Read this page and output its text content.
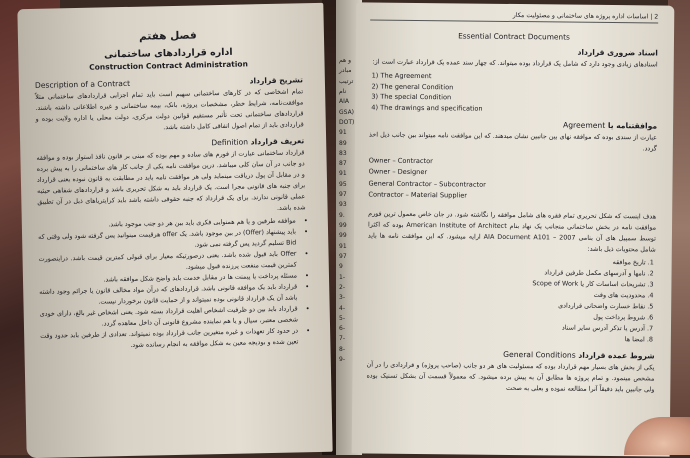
فصل هفتم
اداره قراردادهای ساختمانی
Construction Contract Administration
تشریح قرارداد
Description of a Contract

تمام اشخاصی که در کارهای ساختمانی سهیم است باید تمام اجزایی قراردادهای ساختمانی مثلاً موافقت‌نامه، شرایط خطر، مشخصات پروژه، بانک، بیمه ساختمانی و غیره اطلاعاتی داشته باشند. قراردادهای ساختمانی تحت تأثیر مستقیم قوانین دولت مرکزی، دولت محلی یا اداره ولایت بوده و قراردادی باید از تمام اصول اتفاقی کامل داشته باشد.

تعریف قرارداد Definition

قرارداد ساختمانی عبارت از فورم های ساده و مهم بوده که مبنی بر قانون نافذ استوار بوده و موافقه دو جانب در آن سان کلی میباشد. درین موافقت نامه یکی از جانب کار های ساختمانی را به پیش برده و در مقابل آن پول دریافت مینماید ولی هر موافقت نامه باید در مطابقت به قانون نبوده یعنی قرارداد برای جنبه های قانونی مجرا است. یک قرارداد باید به شکل تحریری باشد و قراردادهای شفاهی حیثیه عملی قانونی ندارند. برای یک قرارداد که جنبه حقوقی داشته باشد باید کرایتریاهای ذیل در آن تطبیق شده باشد.

• موافقه طرفین و یا هم همنوایی فکری باید بین هر دو جنب موجود باشد.
• باید پیشنهاد (Offer) در بین موجود باشد. یک offer هرقیمت مینوانید پس گرفته شود ولی وقتی که Bid تسلیم گردید پس گرفته نمی شود.
• Offer باید قبول شده باشد. یعنی درصورتیکه معیار برای قبولی کمترین قیمت باشد. دراینصورت کمترین قیمت منفعت پرزنده قبول میشود.
• مسئله پرداخت یا پیمنت ها در مقابل خدمت باید واضح شکل موافقه باشد.
• قرارداد باید یک موافقه قانونی باشد. قراردادهای که درآن مواد مخالف قانون یا جرائم وجود داشته باشد آن یک قرارداد قانونی بوده نمیتواند و از حمایت قانون برخوردار نیست.
• قرارداد باید بین دو ظرفیت اشخاص اهلیت قرارداد بسته شود. یعنی اشخاص غیر بالغ، دارای خودی شخصی معتبر، سیال و یا هم نماینده مشروع قانونی آن داخل معاهده گردد.
• در حدود کار تعهدات و غیره متغیرین جانب قرارداد بوده نمیتواند. تعدادی از طرفین باید حدود وقت تعین شده و بودیجه معین به شکل موافقه به انجام رسانده شود.
و هم
مبادر
ترتیب
نام
AIA
GSA)
DOT)
91
89
83
87
91
95
97
93
9.
99
99
91
97
9
1-
2-
3-
4-
5-
6-
7-
8-
9-
2 | اساسات اداره پروژه های ساختمانی و مصئولیت مکار
Essential Contract Documents
اسناد ضروری قرارداد

اسنادهای زیادی وجود دارد که شامل یک قرارداد بوده میتواند. که چهار سند عمده یک قرارداد عبارت است از:

1) The Agreement
2) The general Condition
3) The special Condition
4) The drawings and specification
موافقتنامه یا Agreement

عبارت از سندی بوده که موافقه نهای بین جانبین نشان میدهند. که این موافقت نامه میتواند بین جانب ذیل اخذ گردد.

Owner – Contractor
Owner – Designer
General Contractor – Subcontractor
Contractor – Material Supplier

هدف اینست که شکل تحریری تمام فقره های شامل موافقه را نگاشته شود. در جان خاص معمول ترین فورم موافقت نامه در بخش ساختمانی منجانب یک نهاد بنام American Institute of Architect بوده که اکثرا توسط سمپیل های آن بنامی AIA Document A101 – 2007 ارایه میشود. که این موافقت نامه ها باید شامل محتویات ذیل باشد:

1. تاریخ موافقه
2. نامها و آدرسهای مکمل طرفین قرارداد
3. تشریحات اساسات کار یا Scope of Work
4. محدودیت های وقت
5. نقاط خسارت واضحانی قراردادی
6. شروط پرداخت پول
7. آدرس یا تذکر آدرس سایر اسناد
8. امضا ها
شروط عمده قرارداد General Conditions

یکی از بخش های بسیار مهم قرارداد بوده که مسئولیت های هر دو جانب (صاحب پروژه) و قراردادی را در آن مشخص مینمود. و تمام پروژه ها مطابق آن به پیش برده میشود. که معمولاً قسمت آن بشکل تسنیک بوده ولی جانبین باید دقیقاً آنرا مطالعه نموده و بعلی به صحت
